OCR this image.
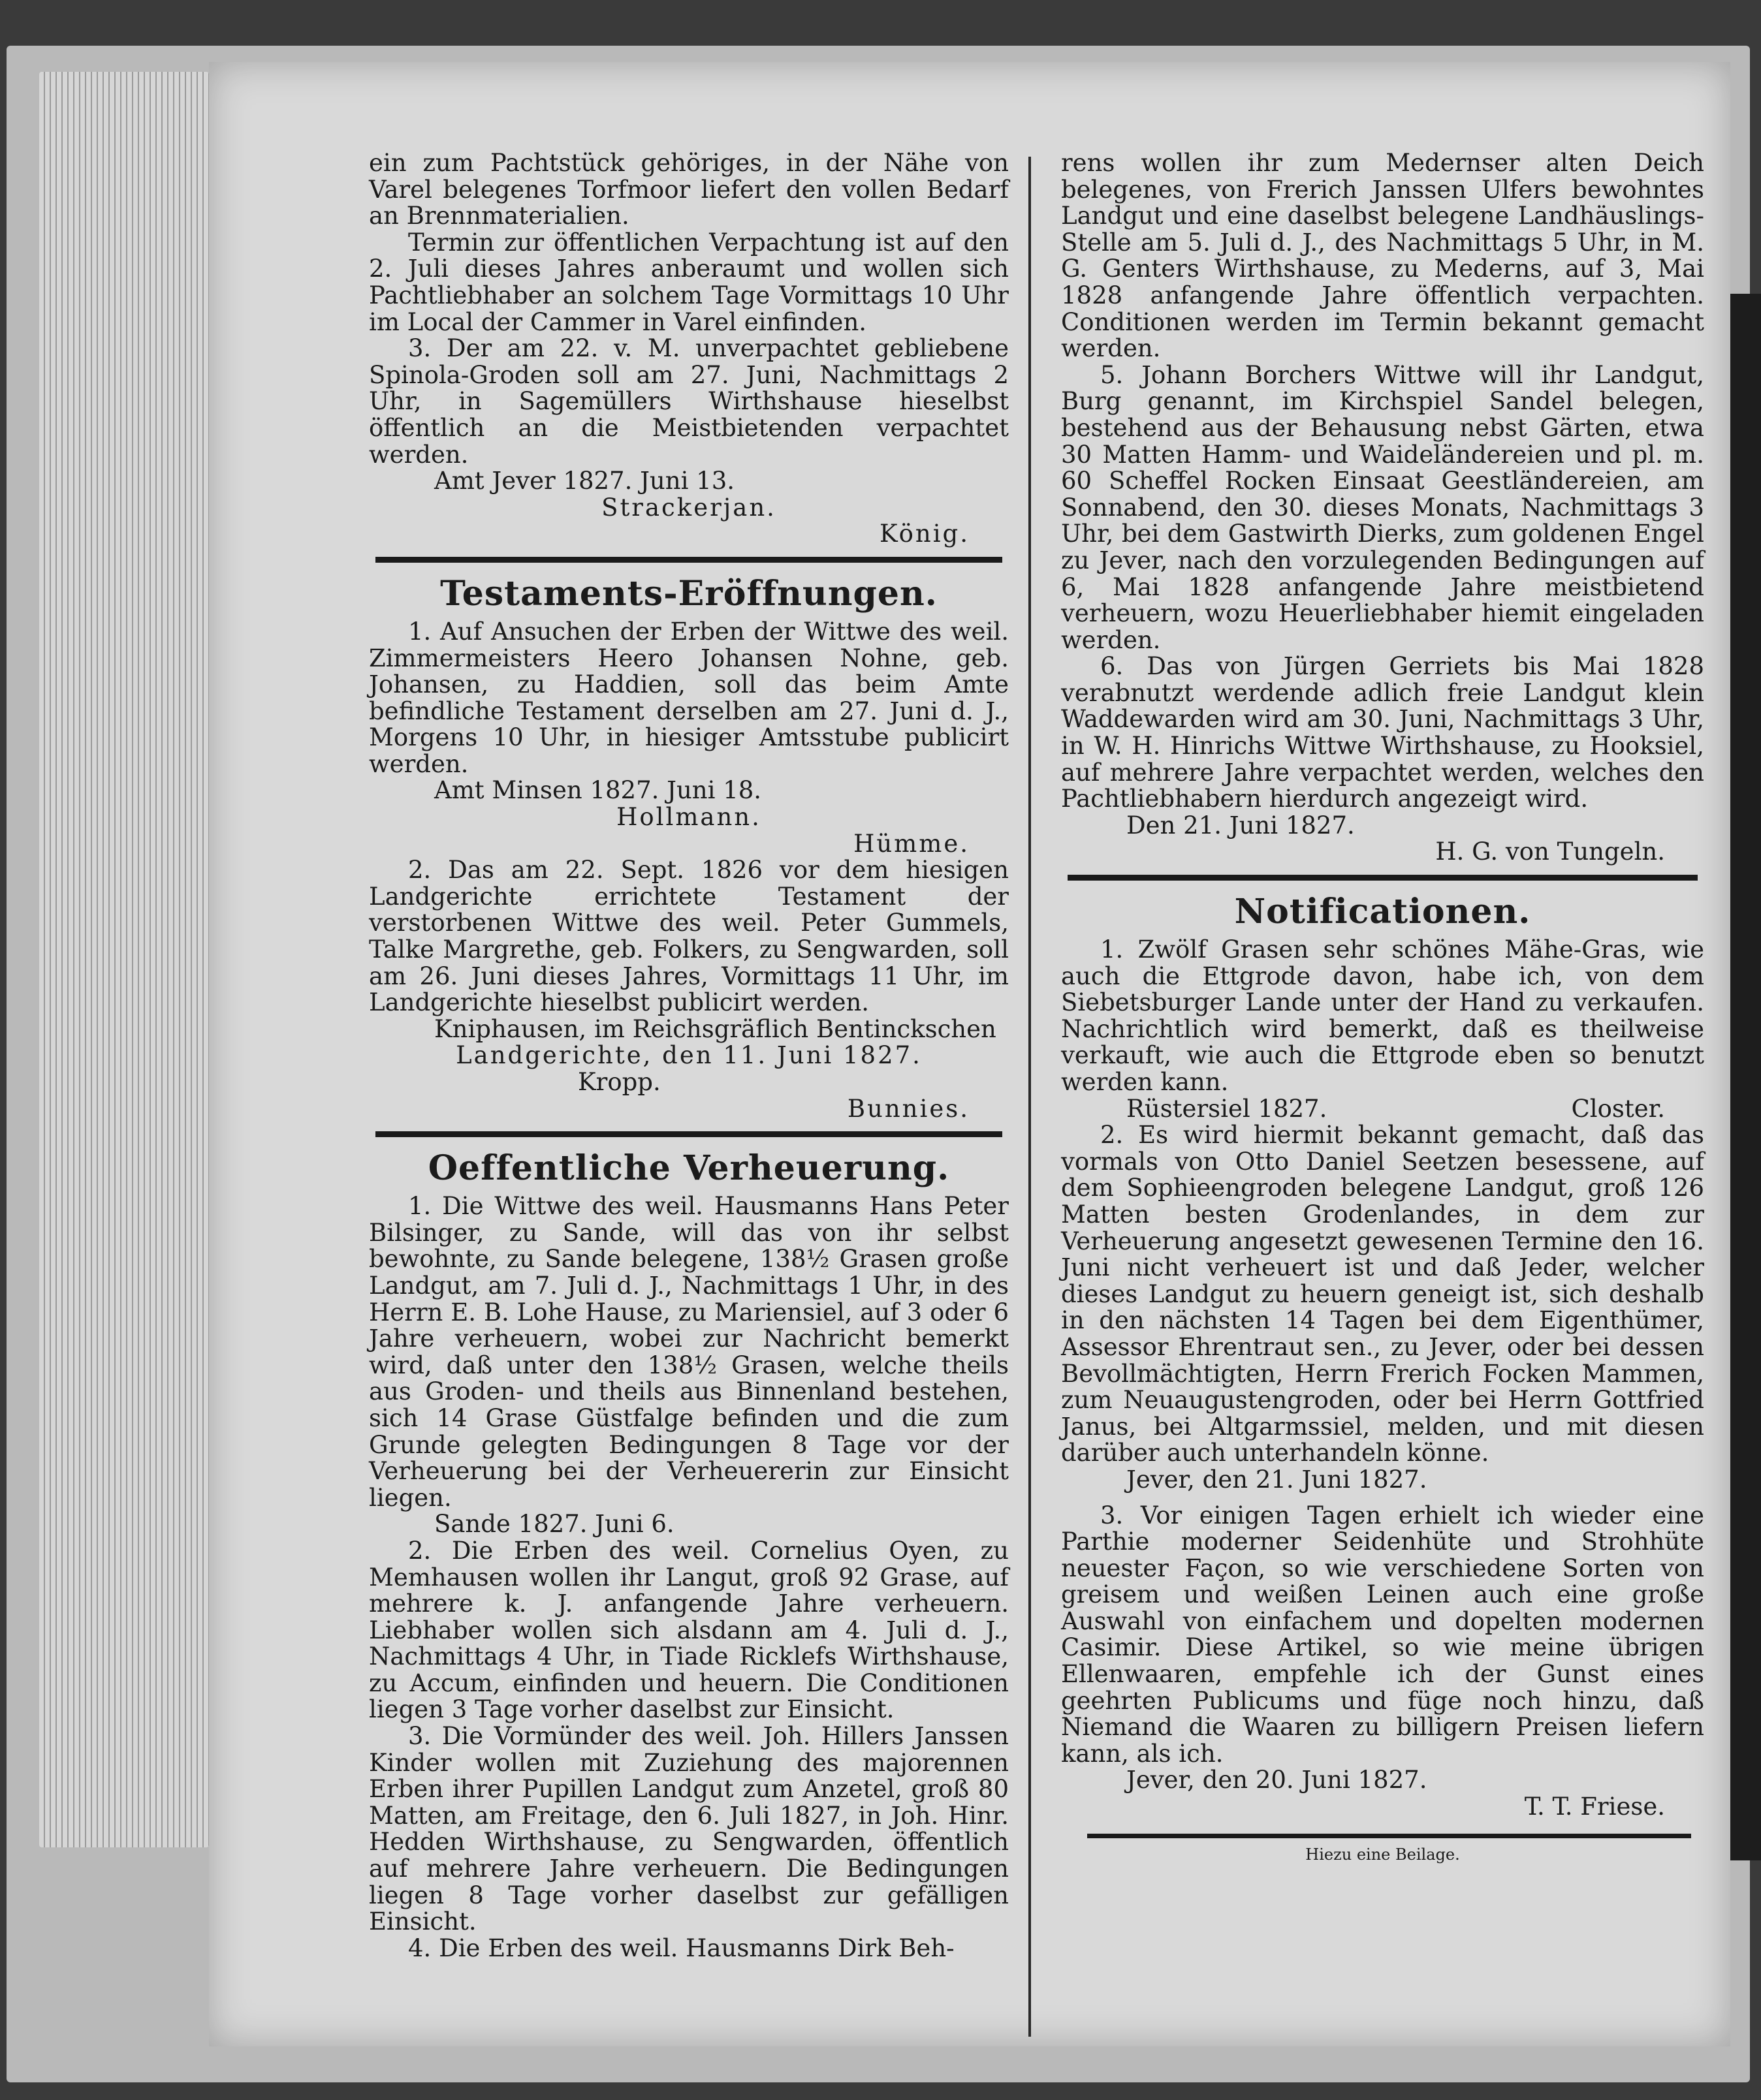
ein zum Pachtstück gehöriges, in der Nähe von Varel belegenes Torfmoor liefert den vollen Bedarf an Brennmaterialien.

Termin zur öffentlichen Verpachtung ist auf den 2. Juli dieses Jahres anberaumt und wollen sich Pachtliebhaber an solchem Tage Vormittags 10 Uhr im Local der Cammer in Varel einfinden.

3. Der am 22. v. M. unverpachtet gebliebene Spinola-Groden soll am 27. Juni, Nachmittags 2 Uhr, in Sagemüllers Wirthshause hieselbst öffentlich an die Meistbietenden verpachtet werden.

Amt Jever 1827. Juni 13.

Strackerjan.

König.

Testaments-Eröffnungen.

1. Auf Ansuchen der Erben der Wittwe des weil. Zimmermeisters Heero Johansen Nohne, geb. Johansen, zu Haddien, soll das beim Amte befindliche Testament derselben am 27. Juni d. J., Morgens 10 Uhr, in hiesiger Amtsstube publicirt werden.

Amt Minsen 1827. Juni 18.

Hollmann.

Hümme.

2. Das am 22. Sept. 1826 vor dem hiesigen Landgerichte errichtete Testament der verstorbenen Wittwe des weil. Peter Gummels, Talke Margrethe, geb. Folkers, zu Sengwarden, soll am 26. Juni dieses Jahres, Vormittags 11 Uhr, im Landgerichte hieselbst publicirt werden.

Kniphausen, im Reichsgräflich Bentinckschen

Landgerichte, den 11. Juni 1827.

Kropp.

Bunnies.

Oeffentliche Verheuerung.

1. Die Wittwe des weil. Hausmanns Hans Peter Bilsinger, zu Sande, will das von ihr selbst bewohnte, zu Sande belegene, 138½ Grasen große Landgut, am 7. Juli d. J., Nachmittags 1 Uhr, in des Herrn E. B. Lohe Hause, zu Mariensiel, auf 3 oder 6 Jahre verheuern, wobei zur Nachricht bemerkt wird, daß unter den 138½ Grasen, welche theils aus Groden- und theils aus Binnenland bestehen, sich 14 Grase Güstfalge befinden und die zum Grunde gelegten Bedingungen 8 Tage vor der Verheuerung bei der Verheuererin zur Einsicht liegen.

Sande 1827. Juni 6.

2. Die Erben des weil. Cornelius Oyen, zu Memhausen wollen ihr Langut, groß 92 Grase, auf mehrere k. J. anfangende Jahre verheuern. Liebhaber wollen sich alsdann am 4. Juli d. J., Nachmittags 4 Uhr, in Tiade Ricklefs Wirthshause, zu Accum, einfinden und heuern. Die Conditionen liegen 3 Tage vorher daselbst zur Einsicht.

3. Die Vormünder des weil. Joh. Hillers Janssen Kinder wollen mit Zuziehung des majorennen Erben ihrer Pupillen Landgut zum Anzetel, groß 80 Matten, am Freitage, den 6. Juli 1827, in Joh. Hinr. Hedden Wirthshause, zu Sengwarden, öffentlich auf mehrere Jahre verheuern. Die Bedingungen liegen 8 Tage vorher daselbst zur gefälligen Einsicht.

4. Die Erben des weil. Hausmanns Dirk Beh-

rens wollen ihr zum Medernser alten Deich belegenes, von Frerich Janssen Ulfers bewohntes Landgut und eine daselbst belegene Landhäuslings-Stelle am 5. Juli d. J., des Nachmittags 5 Uhr, in M. G. Genters Wirthshause, zu Mederns, auf 3, Mai 1828 anfangende Jahre öffentlich verpachten. Conditionen werden im Termin bekannt gemacht werden.

5. Johann Borchers Wittwe will ihr Landgut, Burg genannt, im Kirchspiel Sandel belegen, bestehend aus der Behausung nebst Gärten, etwa 30 Matten Hamm- und Waideländereien und pl. m. 60 Scheffel Rocken Einsaat Geestländereien, am Sonnabend, den 30. dieses Monats, Nachmittags 3 Uhr, bei dem Gastwirth Dierks, zum goldenen Engel zu Jever, nach den vorzulegenden Bedingungen auf 6, Mai 1828 anfangende Jahre meistbietend verheuern, wozu Heuerliebhaber hiemit eingeladen werden.

6. Das von Jürgen Gerriets bis Mai 1828 verabnutzt werdende adlich freie Landgut klein Waddewarden wird am 30. Juni, Nachmittags 3 Uhr, in W. H. Hinrichs Wittwe Wirthshause, zu Hooksiel, auf mehrere Jahre verpachtet werden, welches den Pachtliebhabern hierdurch angezeigt wird.

Den 21. Juni 1827.

H. G. von Tungeln.

Notificationen.

1. Zwölf Grasen sehr schönes Mähe-Gras, wie auch die Ettgrode davon, habe ich, von dem Siebetsburger Lande unter der Hand zu verkaufen. Nachrichtlich wird bemerkt, daß es theilweise verkauft, wie auch die Ettgrode eben so benutzt werden kann.

Rüstersiel 1827.	Closter.

2. Es wird hiermit bekannt gemacht, daß das vormals von Otto Daniel Seetzen besessene, auf dem Sophieengroden belegene Landgut, groß 126 Matten besten Grodenlandes, in dem zur Verheuerung angesetzt gewesenen Termine den 16. Juni nicht verheuert ist und daß Jeder, welcher dieses Landgut zu heuern geneigt ist, sich deshalb in den nächsten 14 Tagen bei dem Eigenthümer, Assessor Ehrentraut sen., zu Jever, oder bei dessen Bevollmächtigten, Herrn Frerich Focken Mammen, zum Neuaugustengroden, oder bei Herrn Gottfried Janus, bei Altgarmssiel, melden, und mit diesen darüber auch unterhandeln könne.

Jever, den 21. Juni 1827.

3. Vor einigen Tagen erhielt ich wieder eine Parthie moderner Seidenhüte und Strohhüte neuester Façon, so wie verschiedene Sorten von greisem und weißen Leinen auch eine große Auswahl von einfachem und dopelten modernen Casimir. Diese Artikel, so wie meine übrigen Ellenwaaren, empfehle ich der Gunst eines geehrten Publicums und füge noch hinzu, daß Niemand die Waaren zu billigern Preisen liefern kann, als ich.

Jever, den 20. Juni 1827.

T. T. Friese.

Hiezu eine Beilage.
